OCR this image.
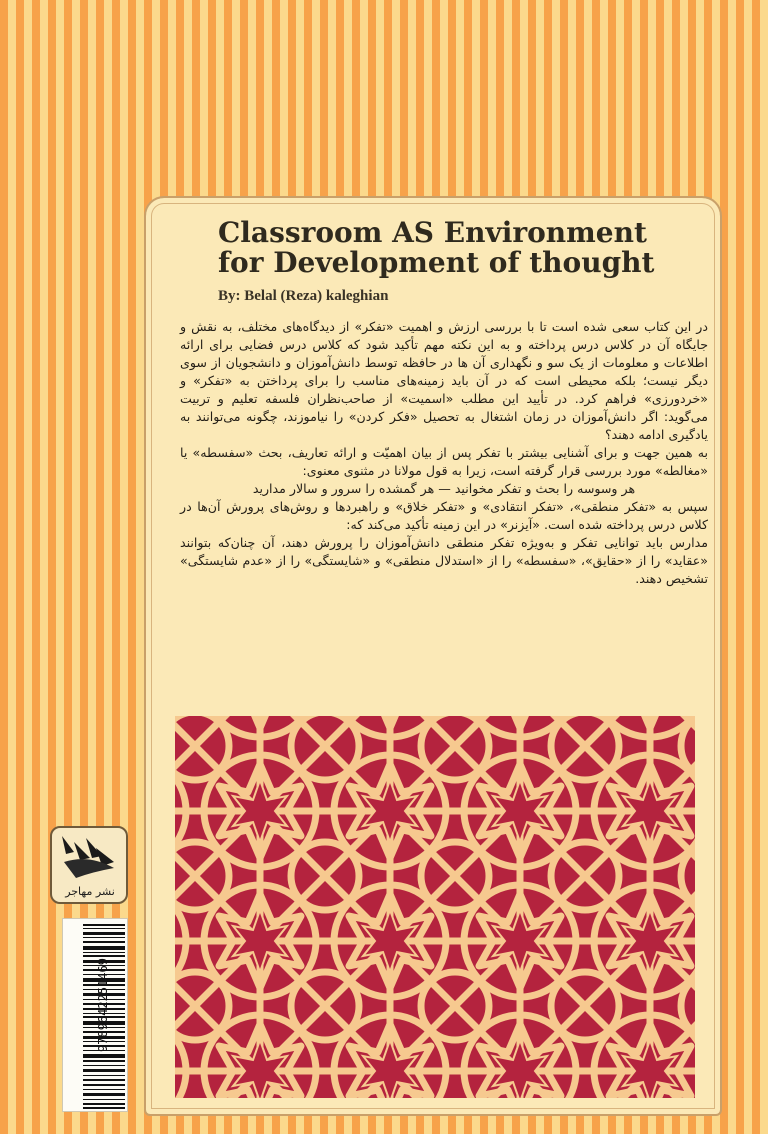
Classroom AS Environment for Development of thought
By: Belal (Reza) kaleghian

در این کتاب سعی شده است تا با بررسی ارزش و اهمیت «تفکر» از دیدگاه‌های مختلف، به نقش و جایگاه آن در کلاس درس پرداخته و به این نکته مهم تأکید شود که کلاس درس فضایی برای ارائه اطلاعات و معلومات از یک سو و نگهداری آن ها در حافظه توسط دانش‌آموزان و دانشجویان از سوی دیگر نیست؛ بلکه محیطی است که در آن باید زمینه‌های مناسب را برای پرداختن به «تفکر» و «خردورزی» فراهم کرد. در تأیید این مطلب «اسمیت» از صاحب‌نظران فلسفه تعلیم و تربیت می‌گوید: اگر دانش‌آموزان در زمان اشتغال به تحصیل «فکر کردن» را نیاموزند، چگونه می‌توانند به یادگیری ادامه دهند؟

به همین جهت و برای آشنایی بیشتر با تفکر پس از بیان اهمیّت و ارائه تعاریف، بحث «سفسطه» یا «مغالطه» مورد بررسی قرار گرفته است، زیرا به قول مولانا در مثنوی معنوی:

هر وسوسه را بحث و تفکر مخوانید — هر گمشده را سرور و سالار مدارید

سپس به «تفکر منطقی»، «تفکر انتقادی» و «تفکر خلاق» و راهبردها و روش‌های پرورش آن‌ها در کلاس درس پرداخته شده است. «آیزنر» در این زمینه تأکید می‌کند که:

مدارس باید توانایی تفکر و به‌ویژه تفکر منطقی دانش‌آموزان را پرورش دهند، آن چنان‌که بتوانند «عقاید» را از «حقایق»، «سفسطه» را از «استدلال منطقی» و «شایستگی» را از «عدم شایستگی» تشخیص دهند.

نشر مهاجر
9789642251469
